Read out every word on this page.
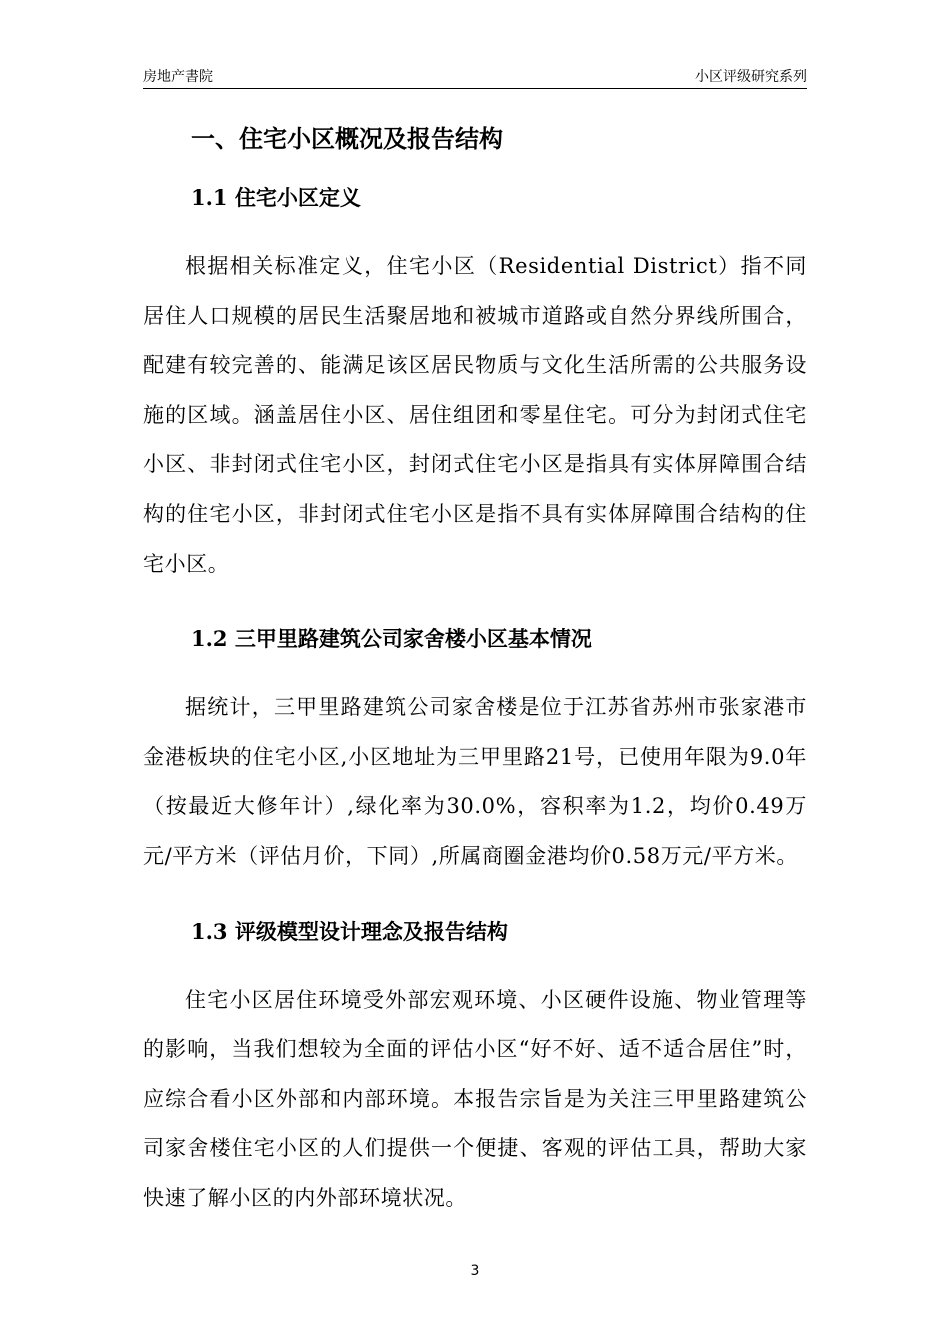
房地产書院	小区评级研究系列
一、住宅小区概况及报告结构
1.1 住宅小区定义

根据相关标准定义，住宅小区（Residential District）指不同居住人口规模的居民生活聚居地和被城市道路或自然分界线所围合，配建有较完善的、能满足该区居民物质与文化生活所需的公共服务设施的区域。涵盖居住小区、居住组团和零星住宅。可分为封闭式住宅小区、非封闭式住宅小区，封闭式住宅小区是指具有实体屏障围合结构的住宅小区，非封闭式住宅小区是指不具有实体屏障围合结构的住宅小区。

1.2 三甲里路建筑公司家舍楼小区基本情况

据统计，三甲里路建筑公司家舍楼是位于江苏省苏州市张家港市金港板块的住宅小区,小区地址为三甲里路21号，已使用年限为9.0年（按最近大修年计）,绿化率为30.0%，容积率为1.2，均价0.49万元/平方米（评估月价，下同）,所属商圈金港均价0.58万元/平方米。

1.3 评级模型设计理念及报告结构

住宅小区居住环境受外部宏观环境、小区硬件设施、物业管理等的影响，当我们想较为全面的评估小区“好不好、适不适合居住”时，应综合看小区外部和内部环境。本报告宗旨是为关注三甲里路建筑公司家舍楼住宅小区的人们提供一个便捷、客观的评估工具，帮助大家快速了解小区的内外部环境状况。

3
